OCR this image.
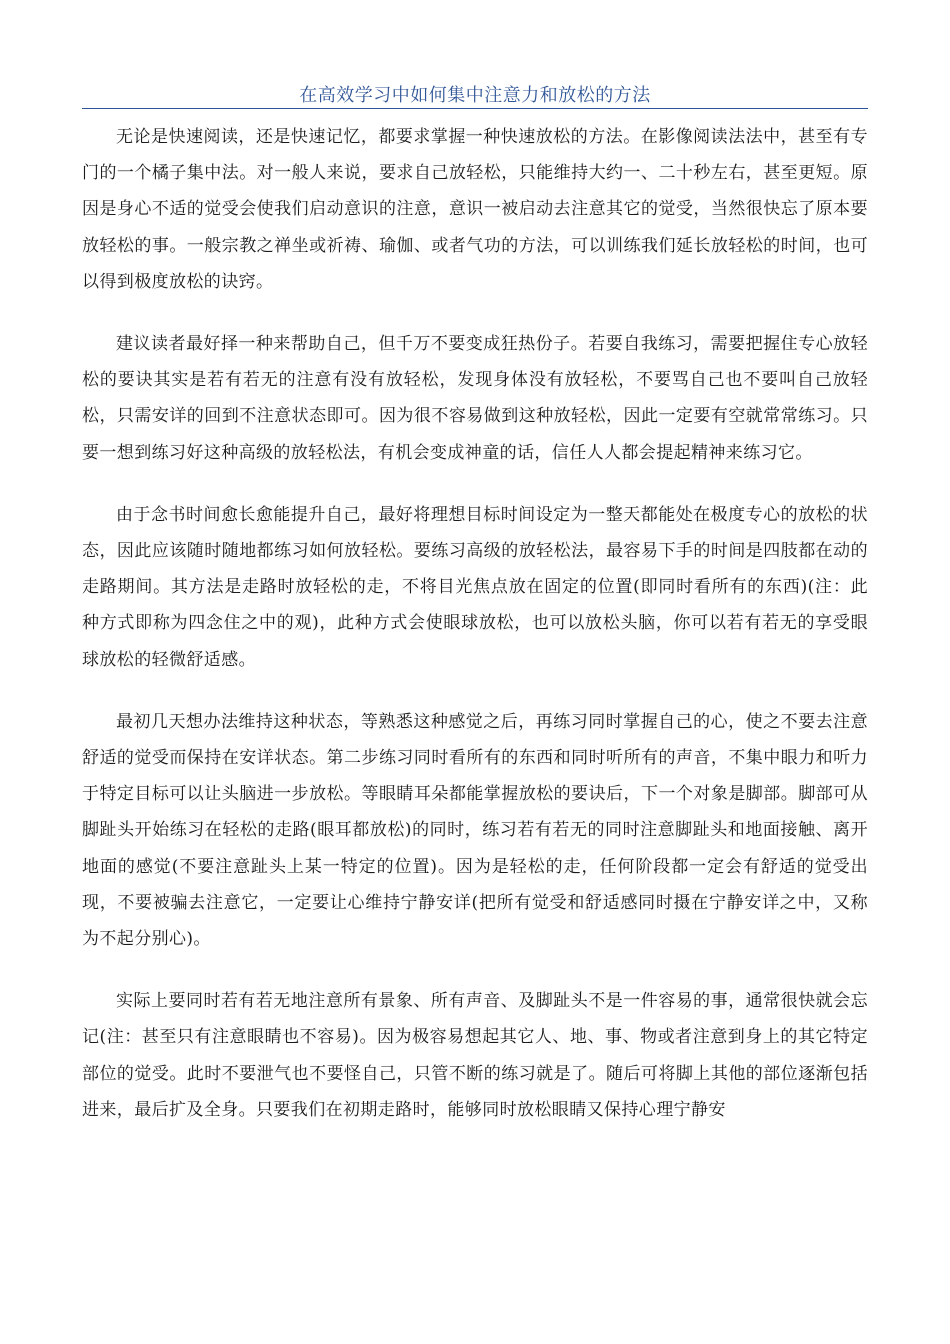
在高效学习中如何集中注意力和放松的方法

无论是快速阅读，还是快速记忆，都要求掌握一种快速放松的方法。在影像阅读法法中，甚至有专门的一个橘子集中法。对一般人来说，要求自己放轻松，只能维持大约一、二十秒左右，甚至更短。原因是身心不适的觉受会使我们启动意识的注意，意识一被启动去注意其它的觉受，当然很快忘了原本要放轻松的事。一般宗教之禅坐或祈祷、瑜伽、或者气功的方法，可以训练我们延长放轻松的时间，也可以得到极度放松的诀窍。

建议读者最好择一种来帮助自己，但千万不要变成狂热份子。若要自我练习，需要把握住专心放轻松的要诀其实是若有若无的注意有没有放轻松，发现身体没有放轻松，不要骂自己也不要叫自己放轻松，只需安详的回到不注意状态即可。因为很不容易做到这种放轻松，因此一定要有空就常常练习。只要一想到练习好这种高级的放轻松法，有机会变成神童的话，信任人人都会提起精神来练习它。

由于念书时间愈长愈能提升自己，最好将理想目标时间设定为一整天都能处在极度专心的放松的状态，因此应该随时随地都练习如何放轻松。要练习高级的放轻松法，最容易下手的时间是四肢都在动的走路期间。其方法是走路时放轻松的走，不将目光焦点放在固定的位置(即同时看所有的东西)(注：此种方式即称为四念住之中的观)，此种方式会使眼球放松，也可以放松头脑，你可以若有若无的享受眼球放松的轻微舒适感。

最初几天想办法维持这种状态，等熟悉这种感觉之后，再练习同时掌握自己的心，使之不要去注意舒适的觉受而保持在安详状态。第二步练习同时看所有的东西和同时听所有的声音，不集中眼力和听力于特定目标可以让头脑进一步放松。等眼睛耳朵都能掌握放松的要诀后，下一个对象是脚部。脚部可从脚趾头开始练习在轻松的走路(眼耳都放松)的同时，练习若有若无的同时注意脚趾头和地面接触、离开地面的感觉(不要注意趾头上某一特定的位置)。因为是轻松的走，任何阶段都一定会有舒适的觉受出现，不要被骗去注意它，一定要让心维持宁静安详(把所有觉受和舒适感同时摄在宁静安详之中，又称为不起分别心)。

实际上要同时若有若无地注意所有景象、所有声音、及脚趾头不是一件容易的事，通常很快就会忘记(注：甚至只有注意眼睛也不容易)。因为极容易想起其它人、地、事、物或者注意到身上的其它特定部位的觉受。此时不要泄气也不要怪自己，只管不断的练习就是了。随后可将脚上其他的部位逐渐包括进来，最后扩及全身。只要我们在初期走路时，能够同时放松眼睛又保持心理宁静安
